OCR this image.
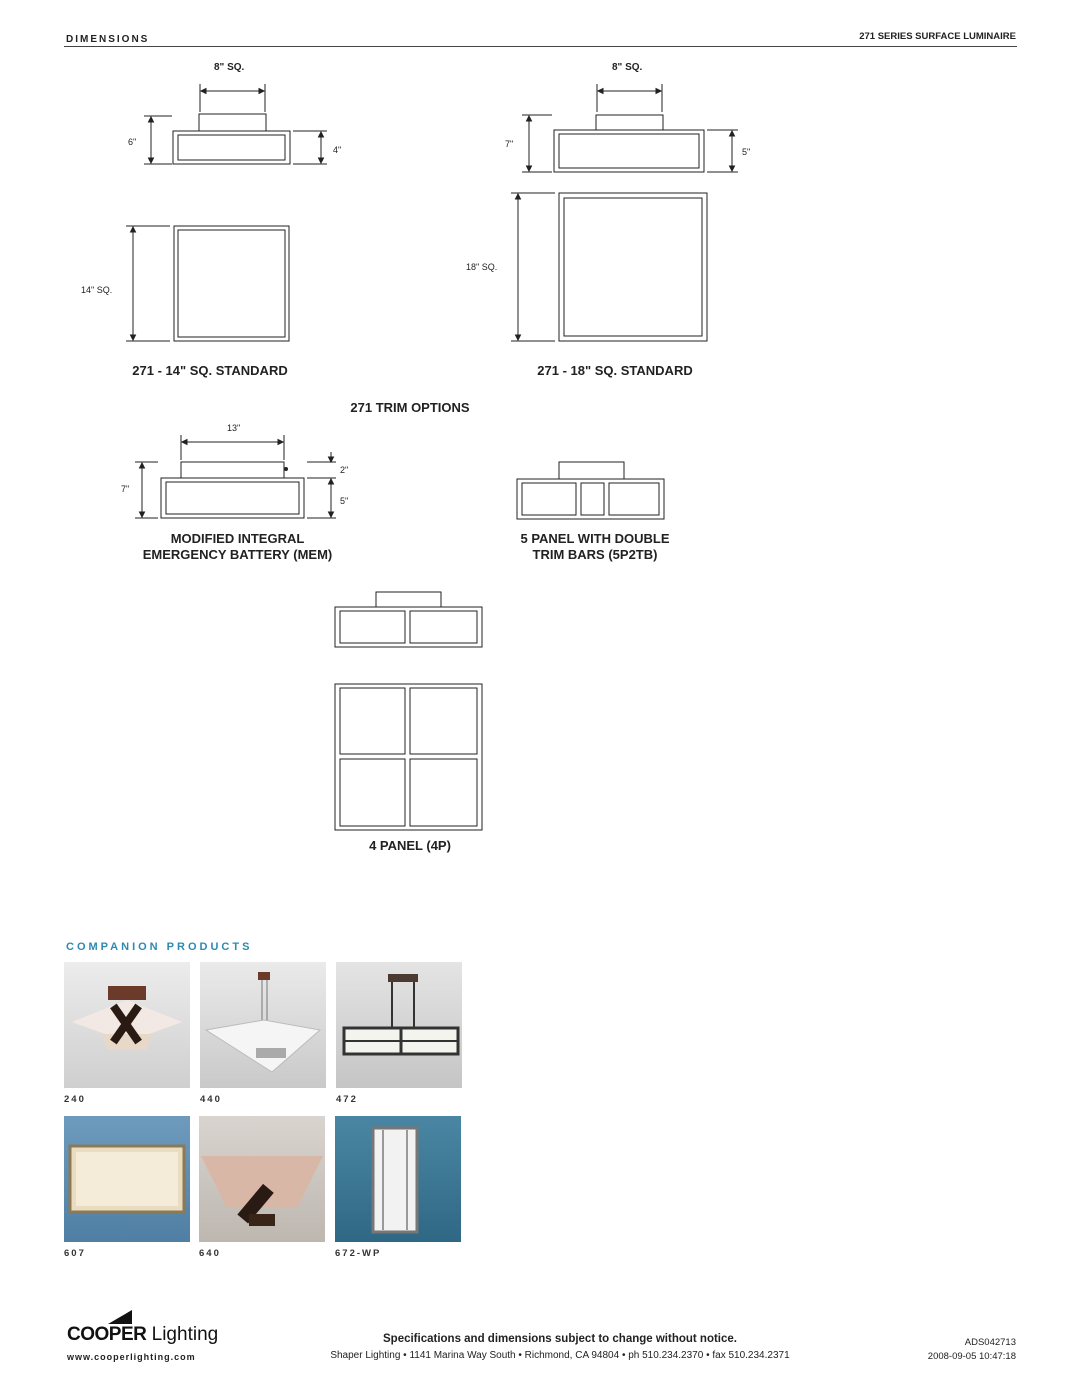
DIMENSIONS	271 SERIES SURFACE LUMINAIRE
8" SQ.
6"
4"
14" SQ.
271 - 14" SQ. STANDARD
8" SQ.
7"
5"
18" SQ.
271 - 18" SQ. STANDARD
271 TRIM OPTIONS
13"
7"
2"
5"
MODIFIED INTEGRAL
EMERGENCY BATTERY (MEM)
5 PANEL WITH DOUBLE
TRIM BARS (5P2TB)
4 PANEL (4P)
COMPANION PRODUCTS
240	440	472
607	640	672-WP
COOPER Lighting
www.cooperlighting.com
Specifications and dimensions subject to change without notice.
Shaper Lighting • 1141 Marina Way South • Richmond, CA 94804 • ph 510.234.2370 • fax 510.234.2371
ADS042713
2008-09-05 10:47:18
